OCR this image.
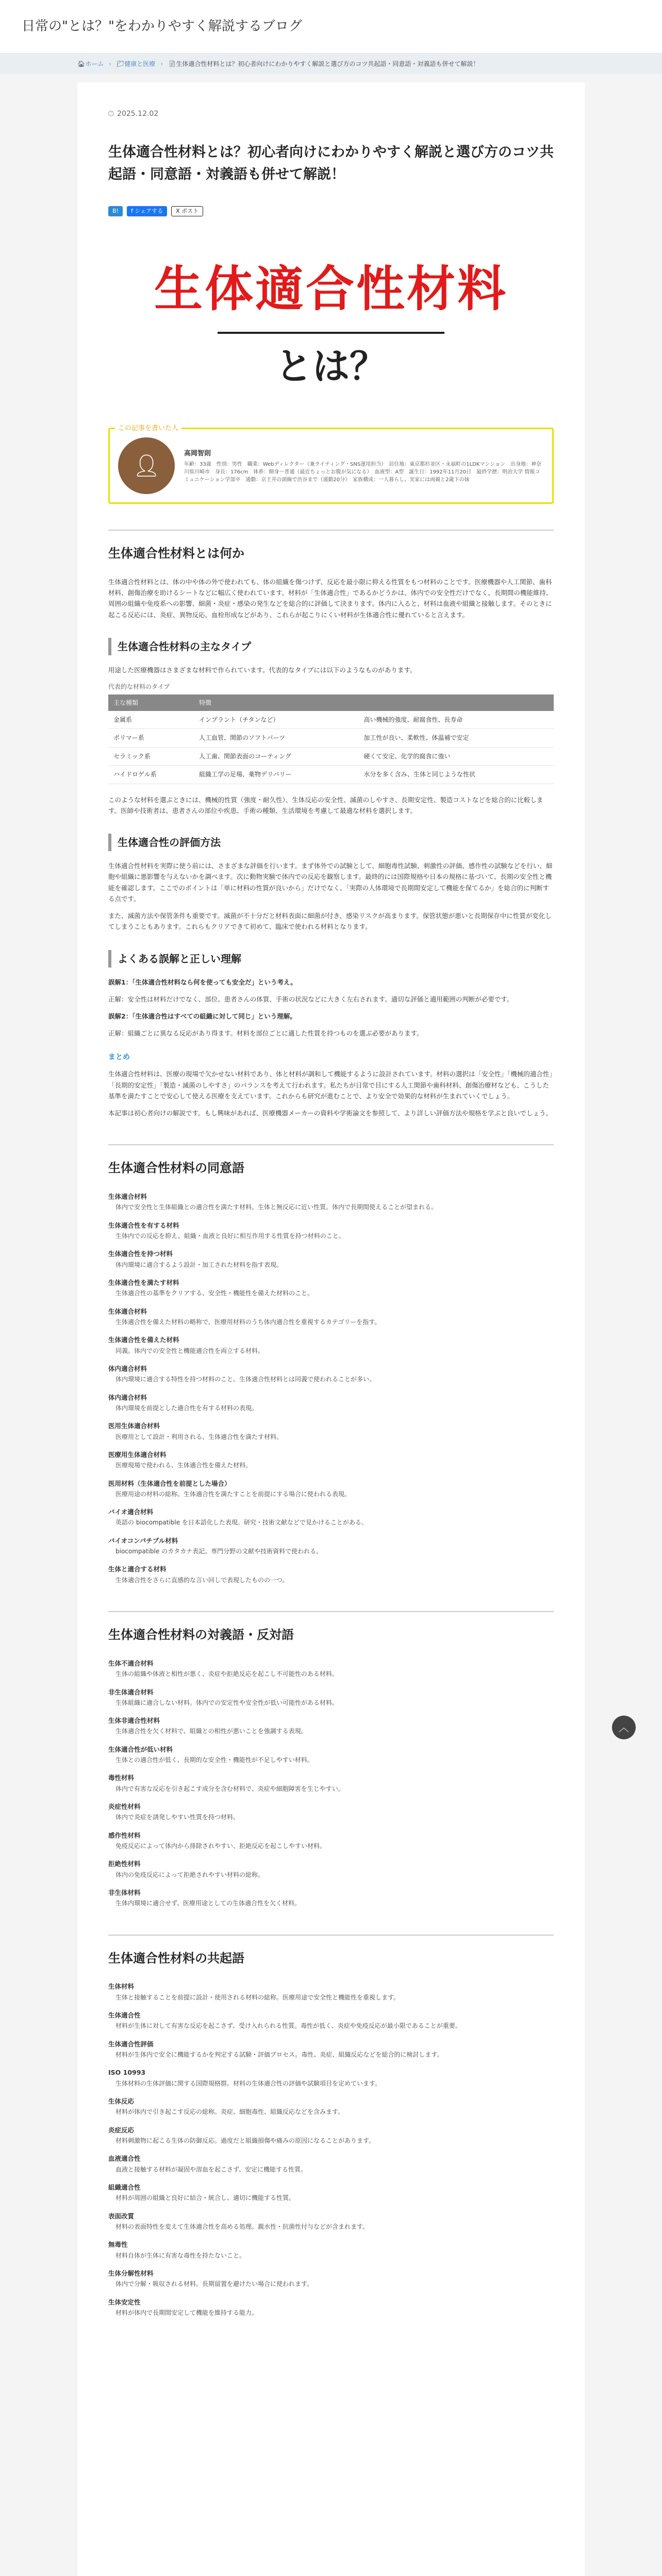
日常の"とは？"をわかりやすく解説するブログ
🏠︎ ホーム › 📁︎ 健康と医療 › 📄︎ 生体適合性材料とは？初心者向けにわかりやすく解説と選び方のコツ共起語・同意語・対義語も併せて解説！
🕒︎ 2025.12.02
生体適合性材料とは？初心者向けにわかりやすく解説と選び方のコツ共起語・同意語・対義語も併せて解説！
B!	f シェアする	X ポスト
生体適合性材料
とは？
この記事を書いた人
👤︎	高岡智則
年齢：33歳　性別：男性　職業：Webディレクター（兼ライティング・SNS運用担当）　居住地：東京都杉並区・永福町の1LDKマンション　出身地：神奈川県川崎市　身長：176cm　体系：細身〜普通（最近ちょっとお腹が気になる）　血液型：A型　誕生日：1992年11月20日　最終学歴：明治大学 情報コミュニケーション学部卒　通勤：京王井の頭線で渋谷まで（通勤20分）　家族構成：一人暮らし、実家には両親と2歳下の妹
生体適合性材料とは何か

生体適合性材料とは、体の中や体の外で使われても、体の組織を傷つけず、反応を最小限に抑える性質をもつ材料のことです。医療機器や人工関節、歯科材料、創傷治療を助けるシートなどに幅広く使われています。材料が「生体適合性」であるかどうかは、体内での安全性だけでなく、長期間の機能維持、周囲の組織や免疫系への影響、細菌・炎症・感染の発生などを総合的に評価して決まります。体内に入ると、材料は血液や組織と接触します。そのときに起こる反応には、炎症、異物反応、血栓形成などがあり、これらが起こりにくい材料が生体適合性に優れていると言えます。

生体適合性材料の主なタイプ

用途した医療機器はさまざまな材料で作られています。代表的なタイプには以下のようなものがあります。

代表的な材料のタイプ
主な種類	特徴	
金属系	インプラント（チタンなど）	高い機械的強度、耐腐食性、長寿命
ポリマー系	人工血管、関節のソフトパーツ	加工性が良い、柔軟性、体温補で安定
セラミック系	人工歯、関節表面のコーティング	硬くて安定、化学的腐食に強い
ハイドロゲル系	組織工学の足場、薬物デリバリー	水分を多く含み、生体と同じような性状

このような材料を選ぶときには、機械的性質（強度・耐久性）、生体反応の安全性、滅菌のしやすさ、長期安定性、製造コストなどを総合的に比較します。医師や技術者は、患者さんの部位や疾患、手術の種類、生活環境を考慮して最適な材料を選択します。

生体適合性の評価方法

生体適合性材料を実際に使う前には、さまざまな評価を行います。まず体外での試験として、細胞毒性試験、刺激性の評価、感作性の試験などを行い、細胞や組織に悪影響を与えないかを調べます。次に動物実験で体内での反応を観察します。最終的には国際規格や日本の規格に基づいて、長期の安全性と機能を確認します。ここでのポイントは「単に材料の性質が良いから」だけでなく、「実際の人体環境で長期間安定して機能を保てるか」を総合的に判断する点です。

また、滅菌方法や保管条件も重要です。滅菌が不十分だと材料表面に細菌が付き、感染リスクが高まります。保管状態が悪いと長期保存中に性質が変化してしまうこともあります。これらもクリアできて初めて、臨床で使われる材料となります。

よくある誤解と正しい理解

誤解1：「生体適合性材料なら何を使っても安全だ」という考え。

正解：安全性は材料だけでなく、部位、患者さんの体質、手術の状況などに大きく左右されます。適切な評価と適用範囲の判断が必要です。

誤解2：「生体適合性はすべての組織に対して同じ」という理解。

正解：組織ごとに異なる反応があり得ます。材料を部位ごとに適した性質を持つものを選ぶ必要があります。

まとめ

生体適合性材料は、医療の現場で欠かせない材料であり、体と材料が調和して機能するように設計されています。材料の選択は「安全性」「機械的適合性」「長期的安定性」「製造・滅菌のしやすさ」のバランスを考えて行われます。私たちが日常で目にする人工関節や歯科材料、創傷治療材なども、こうした基準を満たすことで安心して使える医療を支えています。これからも研究が進むことで、より安全で効果的な材料が生まれていくでしょう。

本記事は初心者向けの解説です。もし興味があれば、医療機器メーカーの資料や学術論文を参照して、より詳しい評価方法や規格を学ぶと良いでしょう。

生体適合性材料の同意語
生体適合材料
体内で安全性と生体組織との適合性を満たす材料。生体と無反応に近い性質。体内で長期間使えることが望まれる。
生体適合性を有する材料
生体内での反応を抑え、組織・血液と良好に相互作用する性質を持つ材料のこと。
生体適合性を持つ材料
体内環境に適合するよう設計・加工された材料を指す表現。
生体適合性を満たす材料
生体適合性の基準をクリアする、安全性・機能性を備えた材料のこと。
生体適合材料
生体適合性を備えた材料の略称で、医療用材料のうち体内適合性を重視するカテゴリーを指す。
生体適合性を備えた材料
同義。体内での安全性と機能適合性を両立する材料。
体内適合材料
体内環境に適合する特性を持つ材料のこと。生体適合性材料とは同義で使われることが多い。
体内適合材料
体内環境を前提とした適合性を有する材料の表現。
医用生体適合材料
医療用として設計・利用される、生体適合性を満たす材料。
医療用生体適合材料
医療現場で使われる、生体適合性を備えた材料。
医用材料（生体適合性を前提とした場合）
医療用途の材料の総称。生体適合性を満たすことを前提にする場合に使われる表現。
バイオ適合材料
英語の biocompatible を日本語化した表現。研究・技術文献などで見かけることがある。
バイオコンパチブル材料
biocompatible のカタカナ表記。専門分野の文献や技術資料で使われる。
生体と適合する材料
生体適合性をさらに直感的な言い回しで表現したものの一つ。
生体適合性材料の対義語・反対語
生体不適合材料
生体の組織や体液と相性が悪く、炎症や拒絶反応を起こし不可能性のある材料。
非生体適合材料
生体組織に適合しない材料。体内での安定性や安全性が低い可能性がある材料。
生体非適合性材料
生体適合性を欠く材料で、組織との相性が悪いことを強調する表現。
生体適合性が低い材料
生体との適合性が低く、長期的な安全性・機能性が不足しやすい材料。
毒性材料
体内で有害な反応を引き起こす成分を含む材料で、炎症や細胞障害を生じやすい。
炎症性材料
体内で炎症を誘発しやすい性質を持つ材料。
感作性材料
免疫反応によって体内から排除されやすい、拒絶反応を起こしやすい材料。
拒絶性材料
体内の免疫反応によって拒絶されやすい材料の総称。
非生体材料
生体内環境に適合せず、医療用途としての生体適合性を欠く材料。
生体適合性材料の共起語
生体材料
生体と接触することを前提に設計・使用される材料の総称。医療用途で安全性と機能性を重視します。
生体適合性
材料が生体に対して有害な反応を起こさず、受け入れられる性質。毒性が低く、炎症や免疫反応が最小限であることが重要。
生体適合性評価
材料が生体内で安全に機能するかを判定する試験・評価プロセス。毒性、炎症、組織反応などを総合的に検討します。
ISO 10993
生体材料の生体評価に関する国際規格群。材料の生体適合性の評価や試験項目を定めています。
生体反応
材料が体内で引き起こす反応の総称。炎症、細胞毒性、組織反応などを含みます。
炎症反応
材料刺激物に起こる生体の防御反応。過度だと組織損傷や痛みの原因になることがあります。
血液適合性
血液と接触する材料が凝固や溶血を起こさず、安定に機能する性質。
組織適合性
材料が周囲の組織と良好に結合・統合し、適切に機能する性質。
表面改質
材料の表面特性を変えて生体適合性を高める処理。親水性・抗菌性付与などが含まれます。
無毒性
材料自体が生体に有害な毒性を持たないこと。
生体分解性材料
体内で分解・吸収される材料。長期留置を避けたい場合に使われます。
生体安定性
材料が体内で長期間安定して機能を維持する能力。
︿
